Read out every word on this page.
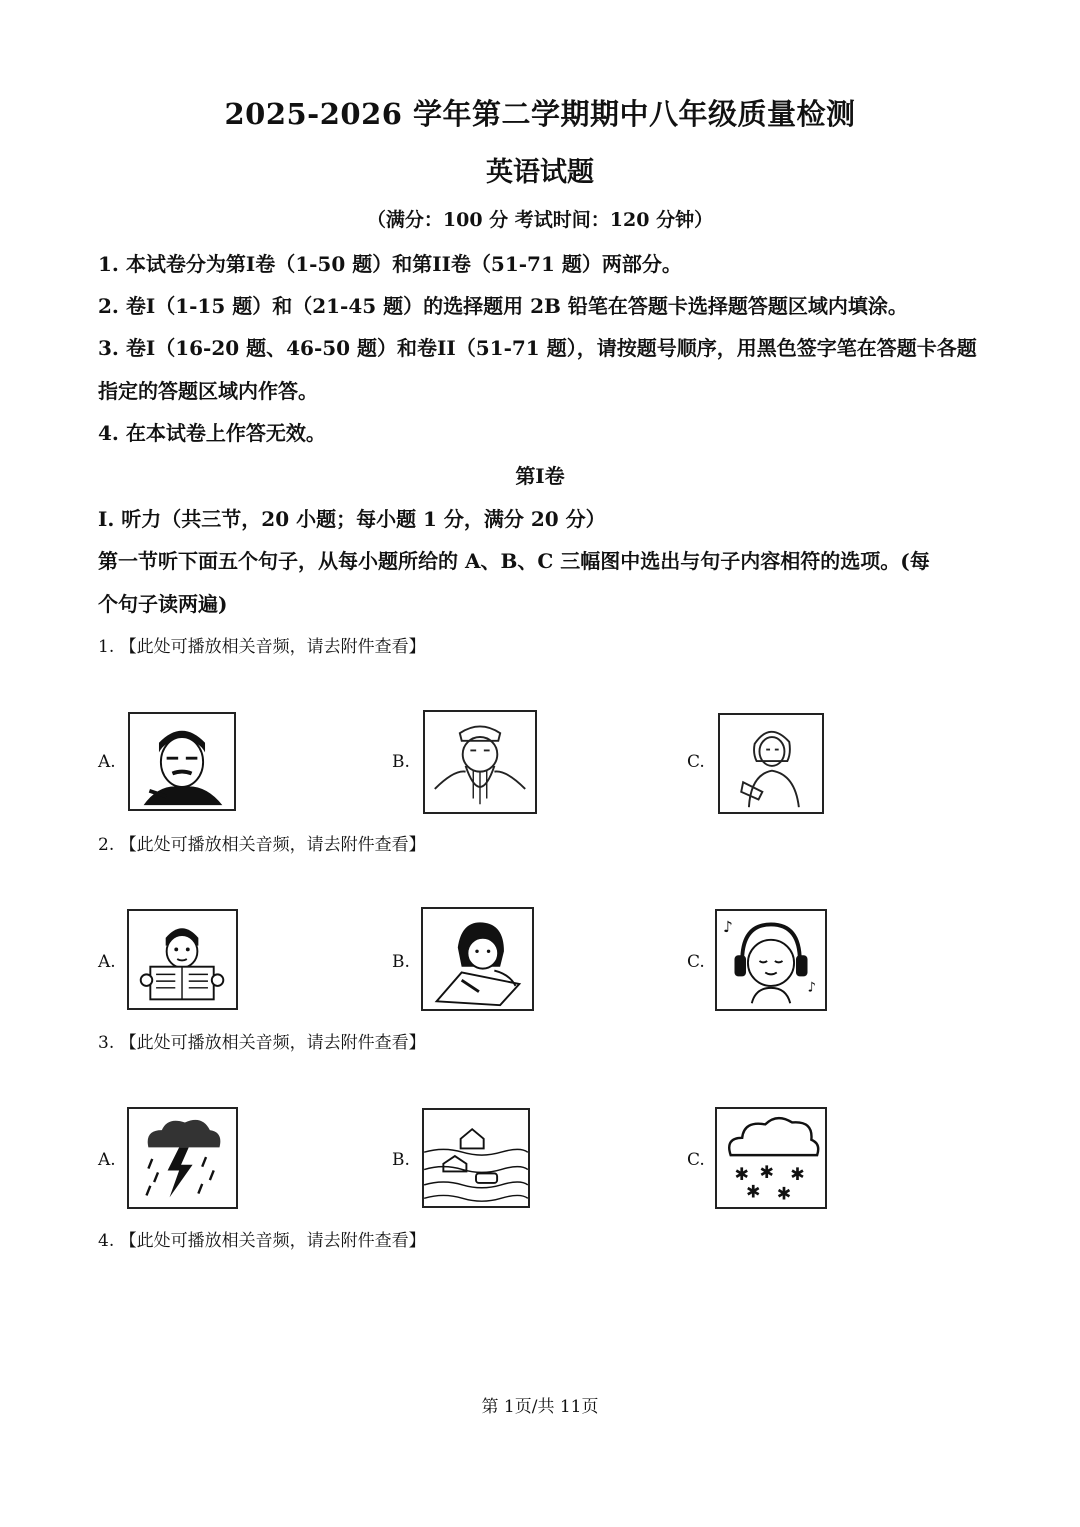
2025-2026 学年第二学期期中八年级质量检测
英语试题
（满分：100 分 考试时间：120 分钟）
1. 本试卷分为第I卷（1-50 题）和第II卷（51-71 题）两部分。
2. 卷I（1-15 题）和（21-45 题）的选择题用 2B 铅笔在答题卡选择题答题区域内填涂。
3. 卷I（16-20 题、46-50 题）和卷II（51-71 题），请按题号顺序，用黑色签字笔在答题卡各题
指定的答题区域内作答。
4. 在本试卷上作答无效。
第I卷
I. 听力（共三节，20 小题；每小题 1 分，满分 20 分）
第一节听下面五个句子，从每小题所给的 A、B、C 三幅图中选出与句子内容相符的选项。(每
个句子读两遍)
1. 【此处可播放相关音频，请去附件查看】
A.	B.	C.
2. 【此处可播放相关音频，请去附件查看】
A.	B.	C.
♪
♪
3. 【此处可播放相关音频，请去附件查看】
A.	B.	C.
✱ ✱ ✱
✱ ✱
4. 【此处可播放相关音频，请去附件查看】
第 1页/共 11页
